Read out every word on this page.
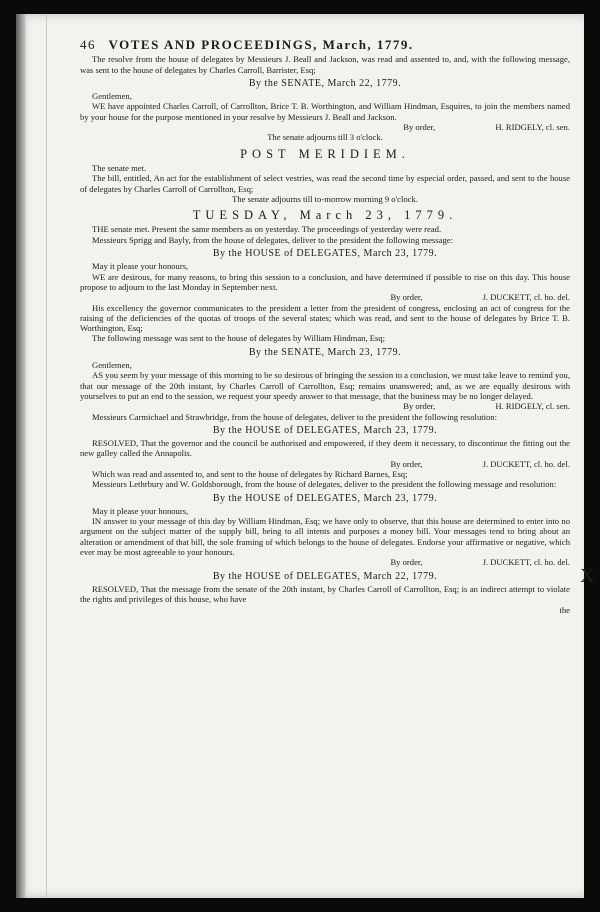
46 VOTES AND PROCEEDINGS, March, 1779.
The resolve from the house of delegates by Messieurs J. Beall and Jackson, was read and assented to, and, with the following message, was sent to the house of delegates by Charles Carroll, Barrister, Esq;
By the SENATE, March 22, 1779.
Gentlemen,
WE have appointed Charles Carroll, of Carrollton, Brice T. B. Worthington, and William Hindman, Esquires, to join the members named by your house for the purpose mentioned in your resolve by Messieurs J. Beall and Jackson.
By order,	H. RIDGELY, cl. sen.
The senate adjourns till 3 o'clock.
POST MERIDIEM.
The senate met.
The bill, entitled, An act for the establishment of select vestries, was read the second time by especial order, passed, and sent to the house of delegates by Charles Carroll of Carrollton, Esq;
The senate adjourns till to-morrow morning 9 o'clock.
TUESDAY, March 23, 1779.
THE senate met. Present the same members as on yesterday. The proceedings of yesterday were read.
Messieurs Sprigg and Bayly, from the house of delegates, deliver to the president the following message:
By the HOUSE of DELEGATES, March 23, 1779.
May it please your honours,
WE are desirous, for many reasons, to bring this session to a conclusion, and have determined if possible to rise on this day. This house propose to adjourn to the last Monday in September next.
By order,	J. DUCKETT, cl. ho. del.
His excellency the governor communicates to the president a letter from the president of congress, enclosing an act of congress for the raising of the deficiencies of the quotas of troops of the several states; which was read, and sent to the house of delegates by Brice T. B. Worthington, Esq;
The following message was sent to the house of delegates by William Hindman, Esq;
By the SENATE, March 23, 1779.
Gentlemen,
AS you seem by your message of this morning to be so desirous of bringing the session to a conclusion, we must take leave to remind you, that our message of the 20th instant, by Charles Carroll of Carrollton, Esq; remains unanswered; and, as we are equally desirous with yourselves to put an end to the session, we request your speedy answer to that message, that the business may be no longer delayed.
By order,	H. RIDGELY, cl. sen.
Messieurs Carmichael and Strawbridge, from the house of delegates, deliver to the president the following resolution:
By the HOUSE of DELEGATES, March 23, 1779.
RESOLVED, That the governor and the council be authorised and empowered, if they deem it necessary, to discontinue the fitting out the new galley called the Annapolis.
By order,	J. DUCKETT, cl. ho. del.
Which was read and assented to, and sent to the house of delegates by Richard Barnes, Esq;
Messieurs Lethrbury and W. Goldsborough, from the house of delegates, deliver to the president the following message and resolution:
By the HOUSE of DELEGATES, March 23, 1779.
May it please your honours,
IN answer to your message of this day by William Hindman, Esq; we have only to observe, that this house are determined to enter into no argument on the subject matter of the supply bill, being to all intents and purposes a money bill. Your messages tend to bring about an alteration or amendment of that bill, the sole framing of which belongs to the house of delegates. Endorse your affirmative or negative, which ever may be most agreeable to your honours.
By order,	J. DUCKETT, cl. ho. del.
By the HOUSE of DELEGATES, March 22, 1779.
RESOLVED, That the message from the senate of the 20th instant, by Charles Carroll of Carrollton, Esq; is an indirect attempt to violate the rights and privileges of this house, who have
the
X
